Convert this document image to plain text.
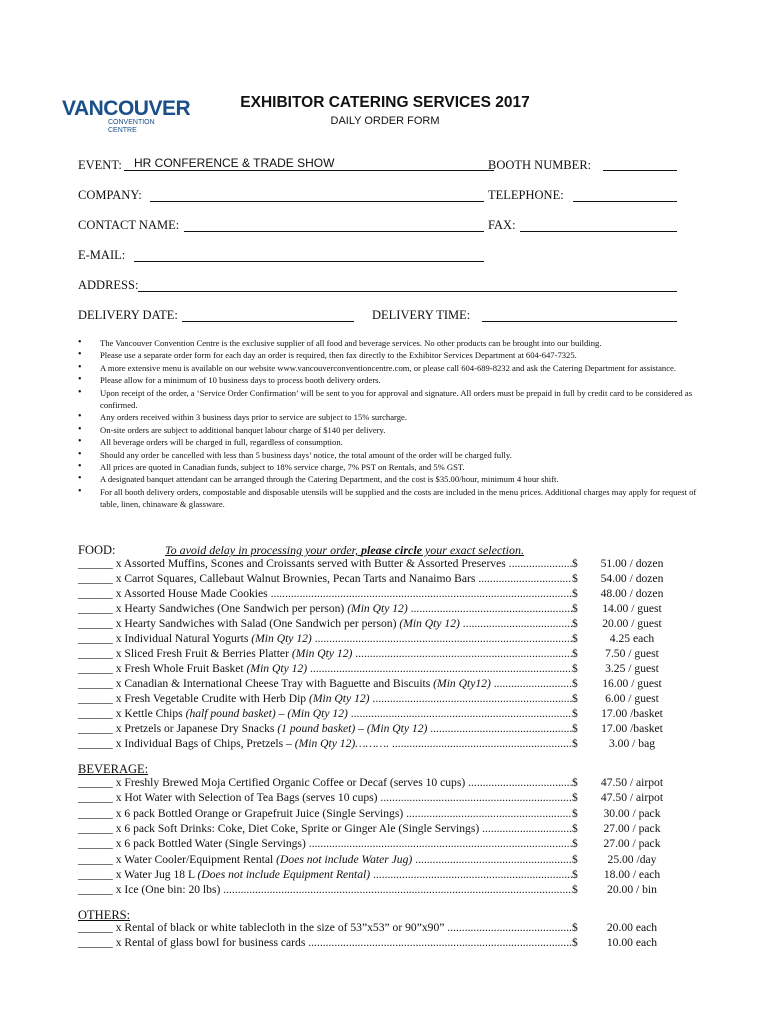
VANCOUVER
CONVENTION
CENTRE
EXHIBITOR CATERING SERVICES 2017
DAILY ORDER FORM
EVENT:	HR CONFERENCE & TRADE SHOW	BOOTH NUMBER:
COMPANY:	TELEPHONE:
CONTACT NAME:	FAX:
E-MAIL:
ADDRESS:
DELIVERY DATE:	DELIVERY TIME:
• The Vancouver Convention Centre is the exclusive supplier of all food and beverage services. No other products can be brought into our building.
• Please use a separate order form for each day an order is required, then fax directly to the Exhibitor Services Department at 604-647-7325.
• A more extensive menu is available on our website www.vancouverconventioncentre.com, or please call 604-689-8232 and ask the Catering Department for assistance.
• Please allow for a minimum of 10 business days to process booth delivery orders.
• Upon receipt of the order, a ‘Service Order Confirmation’ will be sent to you for approval and signature. All orders must be prepaid in full by credit card to be considered as confirmed.
• Any orders received within 3 business days prior to service are subject to 15% surcharge.
• On-site orders are subject to additional banquet labour charge of $140 per delivery.
• All beverage orders will be charged in full, regardless of consumption.
• Should any order be cancelled with less than 5 business days’ notice, the total amount of the order will be charged fully.
• All prices are quoted in Canadian funds, subject to 18% service charge, 7% PST on Rentals, and 5% GST.
• A designated banquet attendant can be arranged through the Catering Department, and the cost is $35.00/hour, minimum 4 hour shift.
• For all booth delivery orders, compostable and disposable utensils will be supplied and the costs are included in the menu prices. Additional charges may apply for request of table, linen, chinaware & glassware.
FOOD:	To avoid delay in processing your order, please circle your exact selection.
______ x Assorted Muffins, Scones and Croissants served with Butter & Assorted Preserves .....	$	51.00 / dozen
______ x Carrot Squares, Callebaut Walnut Brownies, Pecan Tarts and Nanaimo Bars .....	$	54.00 / dozen
______ x Assorted House Made Cookies .....	$	48.00 / dozen
______ x Hearty Sandwiches (One Sandwich per person) (Min Qty 12) .....	$	14.00 / guest
______ x Hearty Sandwiches with Salad (One Sandwich per person) (Min Qty 12) .....	$	20.00 / guest
______ x Individual Natural Yogurts (Min Qty 12) .....	$	4.25 each
______ x Sliced Fresh Fruit & Berries Platter (Min Qty 12) .....	$	7.50 / guest
______ x Fresh Whole Fruit Basket (Min Qty 12) .....	$	3.25 / guest
______ x Canadian & International Cheese Tray with Baguette and Biscuits (Min Qty12) .....	$	16.00 / guest
______ x Fresh Vegetable Crudite with Herb Dip (Min Qty 12) .....	$	6.00 / guest
______ x Kettle Chips (half pound basket) – (Min Qty 12) .....	$	17.00 /basket
______ x Pretzels or Japanese Dry Snacks (1 pound basket) – (Min Qty 12) .....	$	17.00 /basket
______ x Individual Bags of Chips, Pretzels – (Min Qty 12)………. .....	$	3.00 / bag
BEVERAGE:
______ x Freshly Brewed Moja Certified Organic Coffee or Decaf (serves 10 cups) .....	$	47.50 / airpot
______ x Hot Water with Selection of Tea Bags (serves 10 cups) .....	$	47.50 / airpot
______ x 6 pack Bottled Orange or Grapefruit Juice (Single Servings) .....	$	30.00 / pack
______ x 6 pack Soft Drinks: Coke, Diet Coke, Sprite or Ginger Ale (Single Servings) .....	$	27.00 / pack
______ x 6 pack Bottled Water (Single Servings) .....	$	27.00 / pack
______ x Water Cooler/Equipment Rental (Does not include Water Jug) .....	$	25.00 /day
______ x Water Jug 18 L (Does not include Equipment Rental) .....	$	18.00 / each
______ x Ice (One bin: 20 lbs) .....	$	20.00 / bin
OTHERS:
______ x Rental of black or white tablecloth in the size of 53”x53” or 90”x90” .....	$	20.00 each
______ x Rental of glass bowl for business cards .....	$	10.00 each
